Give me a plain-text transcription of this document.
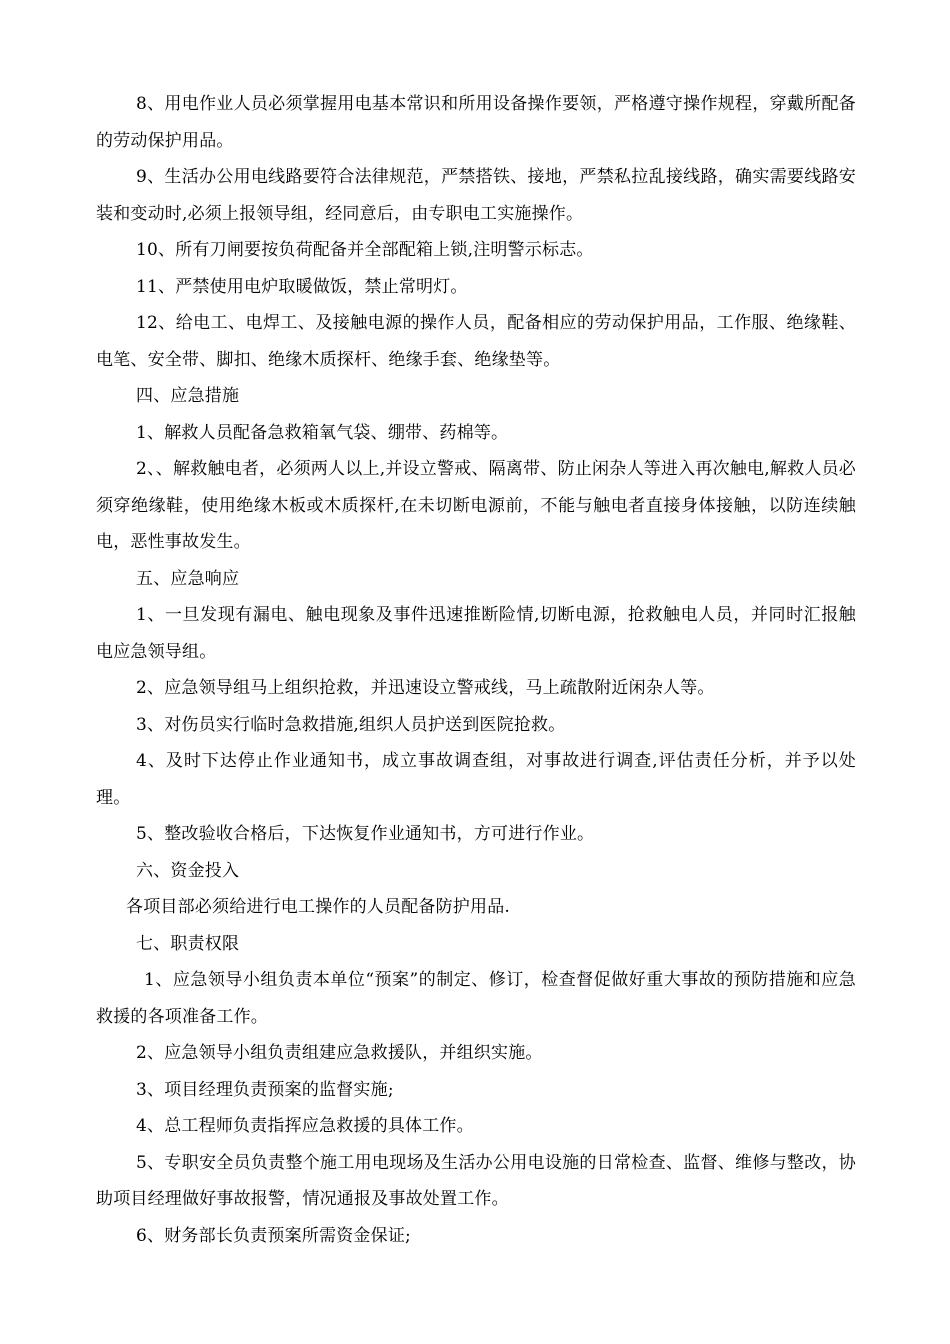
8、用电作业人员必须掌握用电基本常识和所用设备操作要领，严格遵守操作规程，穿戴所配备的劳动保护用品。

9、生活办公用电线路要符合法律规范，严禁搭铁、接地，严禁私拉乱接线路，确实需要线路安装和变动时,必须上报领导组，经同意后，由专职电工实施操作。

10、所有刀闸要按负荷配备并全部配箱上锁,注明警示标志。

11、严禁使用电炉取暖做饭，禁止常明灯。

12、给电工、电焊工、及接触电源的操作人员，配备相应的劳动保护用品，工作服、绝缘鞋、电笔、安全带、脚扣、绝缘木质探杆、绝缘手套、绝缘垫等。

四、应急措施

1、解救人员配备急救箱氧气袋、绷带、药棉等。

2、、解救触电者，必须两人以上,并设立警戒、隔离带、防止闲杂人等进入再次触电,解救人员必须穿绝缘鞋，使用绝缘木板或木质探杆,在未切断电源前，不能与触电者直接身体接触，以防连续触电，恶性事故发生。

五、应急响应

1、一旦发现有漏电、触电现象及事件迅速推断险情,切断电源，抢救触电人员，并同时汇报触电应急领导组。

2、应急领导组马上组织抢救，并迅速设立警戒线，马上疏散附近闲杂人等。

3、对伤员实行临时急救措施,组织人员护送到医院抢救。

4、及时下达停止作业通知书，成立事故调查组，对事故进行调查,评估责任分析，并予以处理。

5、整改验收合格后，下达恢复作业通知书，方可进行作业。

六、资金投入

各项目部必须给进行电工操作的人员配备防护用品.

七、职责权限

1、应急领导小组负责本单位“预案”的制定、修订，检查督促做好重大事故的预防措施和应急救援的各项准备工作。

2、应急领导小组负责组建应急救援队，并组织实施。

3、项目经理负责预案的监督实施;

4、总工程师负责指挥应急救援的具体工作。

5、专职安全员负责整个施工用电现场及生活办公用电设施的日常检查、监督、维修与整改，协助项目经理做好事故报警，情况通报及事故处置工作。

6、财务部长负责预案所需资金保证;
